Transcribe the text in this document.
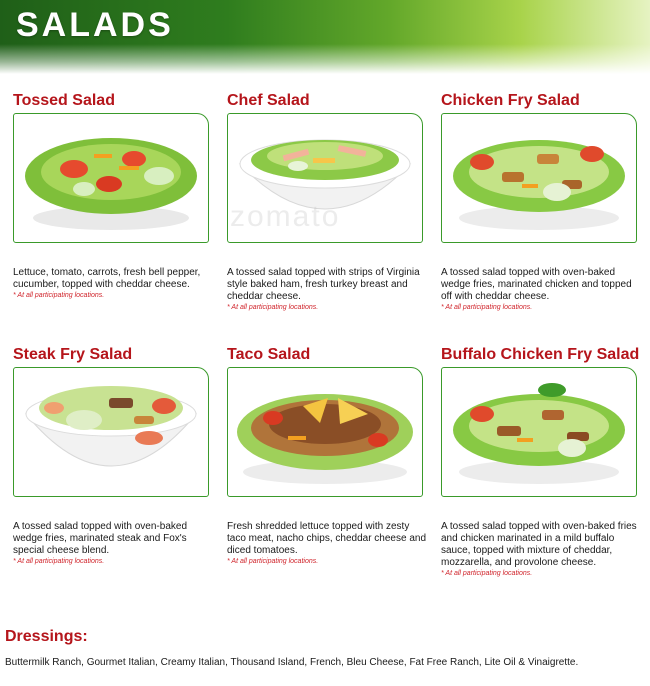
SALADS
Tossed Salad
Lettuce, tomato, carrots, fresh bell pepper, cucumber, topped with cheddar cheese.
* At all participating locations.
Chef Salad
A tossed salad topped with strips of Virginia style baked ham, fresh turkey breast and cheddar cheese.
* At all participating locations.
Chicken Fry Salad
A tossed salad topped with oven-baked wedge fries, marinated chicken and topped off with cheddar cheese.
* At all participating locations.
Steak Fry Salad
A tossed salad topped with oven-baked wedge fries, marinated steak and Fox's special cheese blend.
* At all participating locations.
Taco Salad
Fresh shredded lettuce topped with zesty taco meat, nacho chips, cheddar cheese and diced tomatoes.
* At all participating locations.
Buffalo Chicken Fry Salad
A tossed salad topped with oven-baked fries and chicken marinated in a mild buffalo sauce, topped with mixture of cheddar, mozzarella, and provolone cheese.
* At all participating locations.
zomato
Dressings:
Buttermilk Ranch, Gourmet Italian, Creamy Italian, Thousand Island, French, Bleu Cheese, Fat Free Ranch, Lite Oil & Vinaigrette.
